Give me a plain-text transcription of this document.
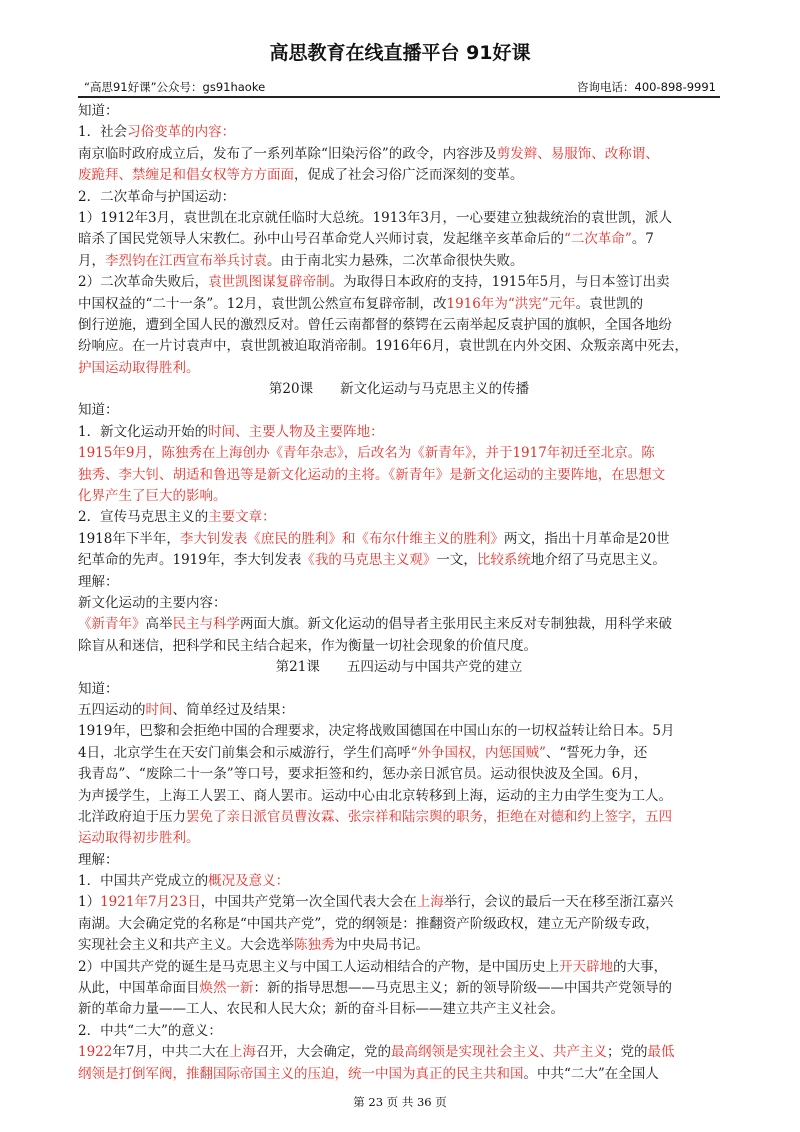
高思教育在线直播平台 91好课
“高思91好课”公众号：gs91haoke	咨询电话：400-898-9991
知道：
1．社会习俗变革的内容：
南京临时政府成立后，发布了一系列革除“旧染污俗”的政令，内容涉及剪发辫、易服饰、改称谓、
废跪拜、禁缠足和倡女权等方方面面，促成了社会习俗广泛而深刻的变革。
2．二次革命与护国运动：
1）1912年3月，袁世凯在北京就任临时大总统。1913年3月，一心要建立独裁统治的袁世凯，派人
暗杀了国民党领导人宋教仁。孙中山号召革命党人兴师讨袁，发起继辛亥革命后的“二次革命”。7
月，李烈钧在江西宣布举兵讨袁。由于南北实力悬殊，二次革命很快失败。
2）二次革命失败后，袁世凯图谋复辟帝制。为取得日本政府的支持，1915年5月，与日本签订出卖
中国权益的“二十一条”。12月，袁世凯公然宣布复辟帝制，改1916年为“洪宪”元年。袁世凯的
倒行逆施，遭到全国人民的激烈反对。曾任云南都督的蔡锷在云南举起反袁护国的旗帜，全国各地纷
纷响应。在一片讨袁声中，袁世凯被迫取消帝制。1916年6月，袁世凯在内外交困、众叛亲离中死去，
护国运动取得胜利。
第20课　　新文化运动与马克思主义的传播
知道：
1．新文化运动开始的时间、主要人物及主要阵地：
1915年9月，陈独秀在上海创办《青年杂志》，后改名为《新青年》，并于1917年初迁至北京。陈
独秀、李大钊、胡适和鲁迅等是新文化运动的主将。《新青年》是新文化运动的主要阵地，在思想文
化界产生了巨大的影响。
2．宣传马克思主义的主要文章：
1918年下半年，李大钊发表《庶民的胜利》和《布尔什维主义的胜利》两文，指出十月革命是20世
纪革命的先声。1919年，李大钊发表《我的马克思主义观》一文，比较系统地介绍了马克思主义。
理解：
新文化运动的主要内容：
《新青年》高举民主与科学两面大旗。新文化运动的倡导者主张用民主来反对专制独裁，用科学来破
除盲从和迷信，把科学和民主结合起来，作为衡量一切社会现象的价值尺度。
第21课　　五四运动与中国共产党的建立
知道：
五四运动的时间、简单经过及结果：
1919年，巴黎和会拒绝中国的合理要求，决定将战败国德国在中国山东的一切权益转让给日本。5月
4日，北京学生在天安门前集会和示威游行，学生们高呼“外争国权，内惩国贼”、“誓死力争，还
我青岛”、“废除二十一条”等口号，要求拒签和约，惩办亲日派官员。运动很快波及全国。6月，
为声援学生，上海工人罢工、商人罢市。运动中心由北京转移到上海，运动的主力由学生变为工人。
北洋政府迫于压力罢免了亲日派官员曹汝霖、张宗祥和陆宗舆的职务，拒绝在对德和约上签字，五四
运动取得初步胜利。
理解：
1．中国共产党成立的概况及意义：
1）1921年7月23日，中国共产党第一次全国代表大会在上海举行，会议的最后一天在移至浙江嘉兴
南湖。大会确定党的名称是“中国共产党”，党的纲领是：推翻资产阶级政权，建立无产阶级专政，
实现社会主义和共产主义。大会选举陈独秀为中央局书记。
2）中国共产党的诞生是马克思主义与中国工人运动相结合的产物，是中国历史上开天辟地的大事，
从此，中国革命面目焕然一新：新的指导思想——马克思主义；新的领导阶级——中国共产党领导的
新的革命力量——工人、农民和人民大众；新的奋斗目标——建立共产主义社会。
2．中共“二大”的意义：
1922年7月，中共二大在上海召开，大会确定，党的最高纲领是实现社会主义、共产主义；党的最低
纲领是打倒军阀，推翻国际帝国主义的压迫，统一中国为真正的民主共和国。中共“二大”在全国人
第 23 页 共 36 页
